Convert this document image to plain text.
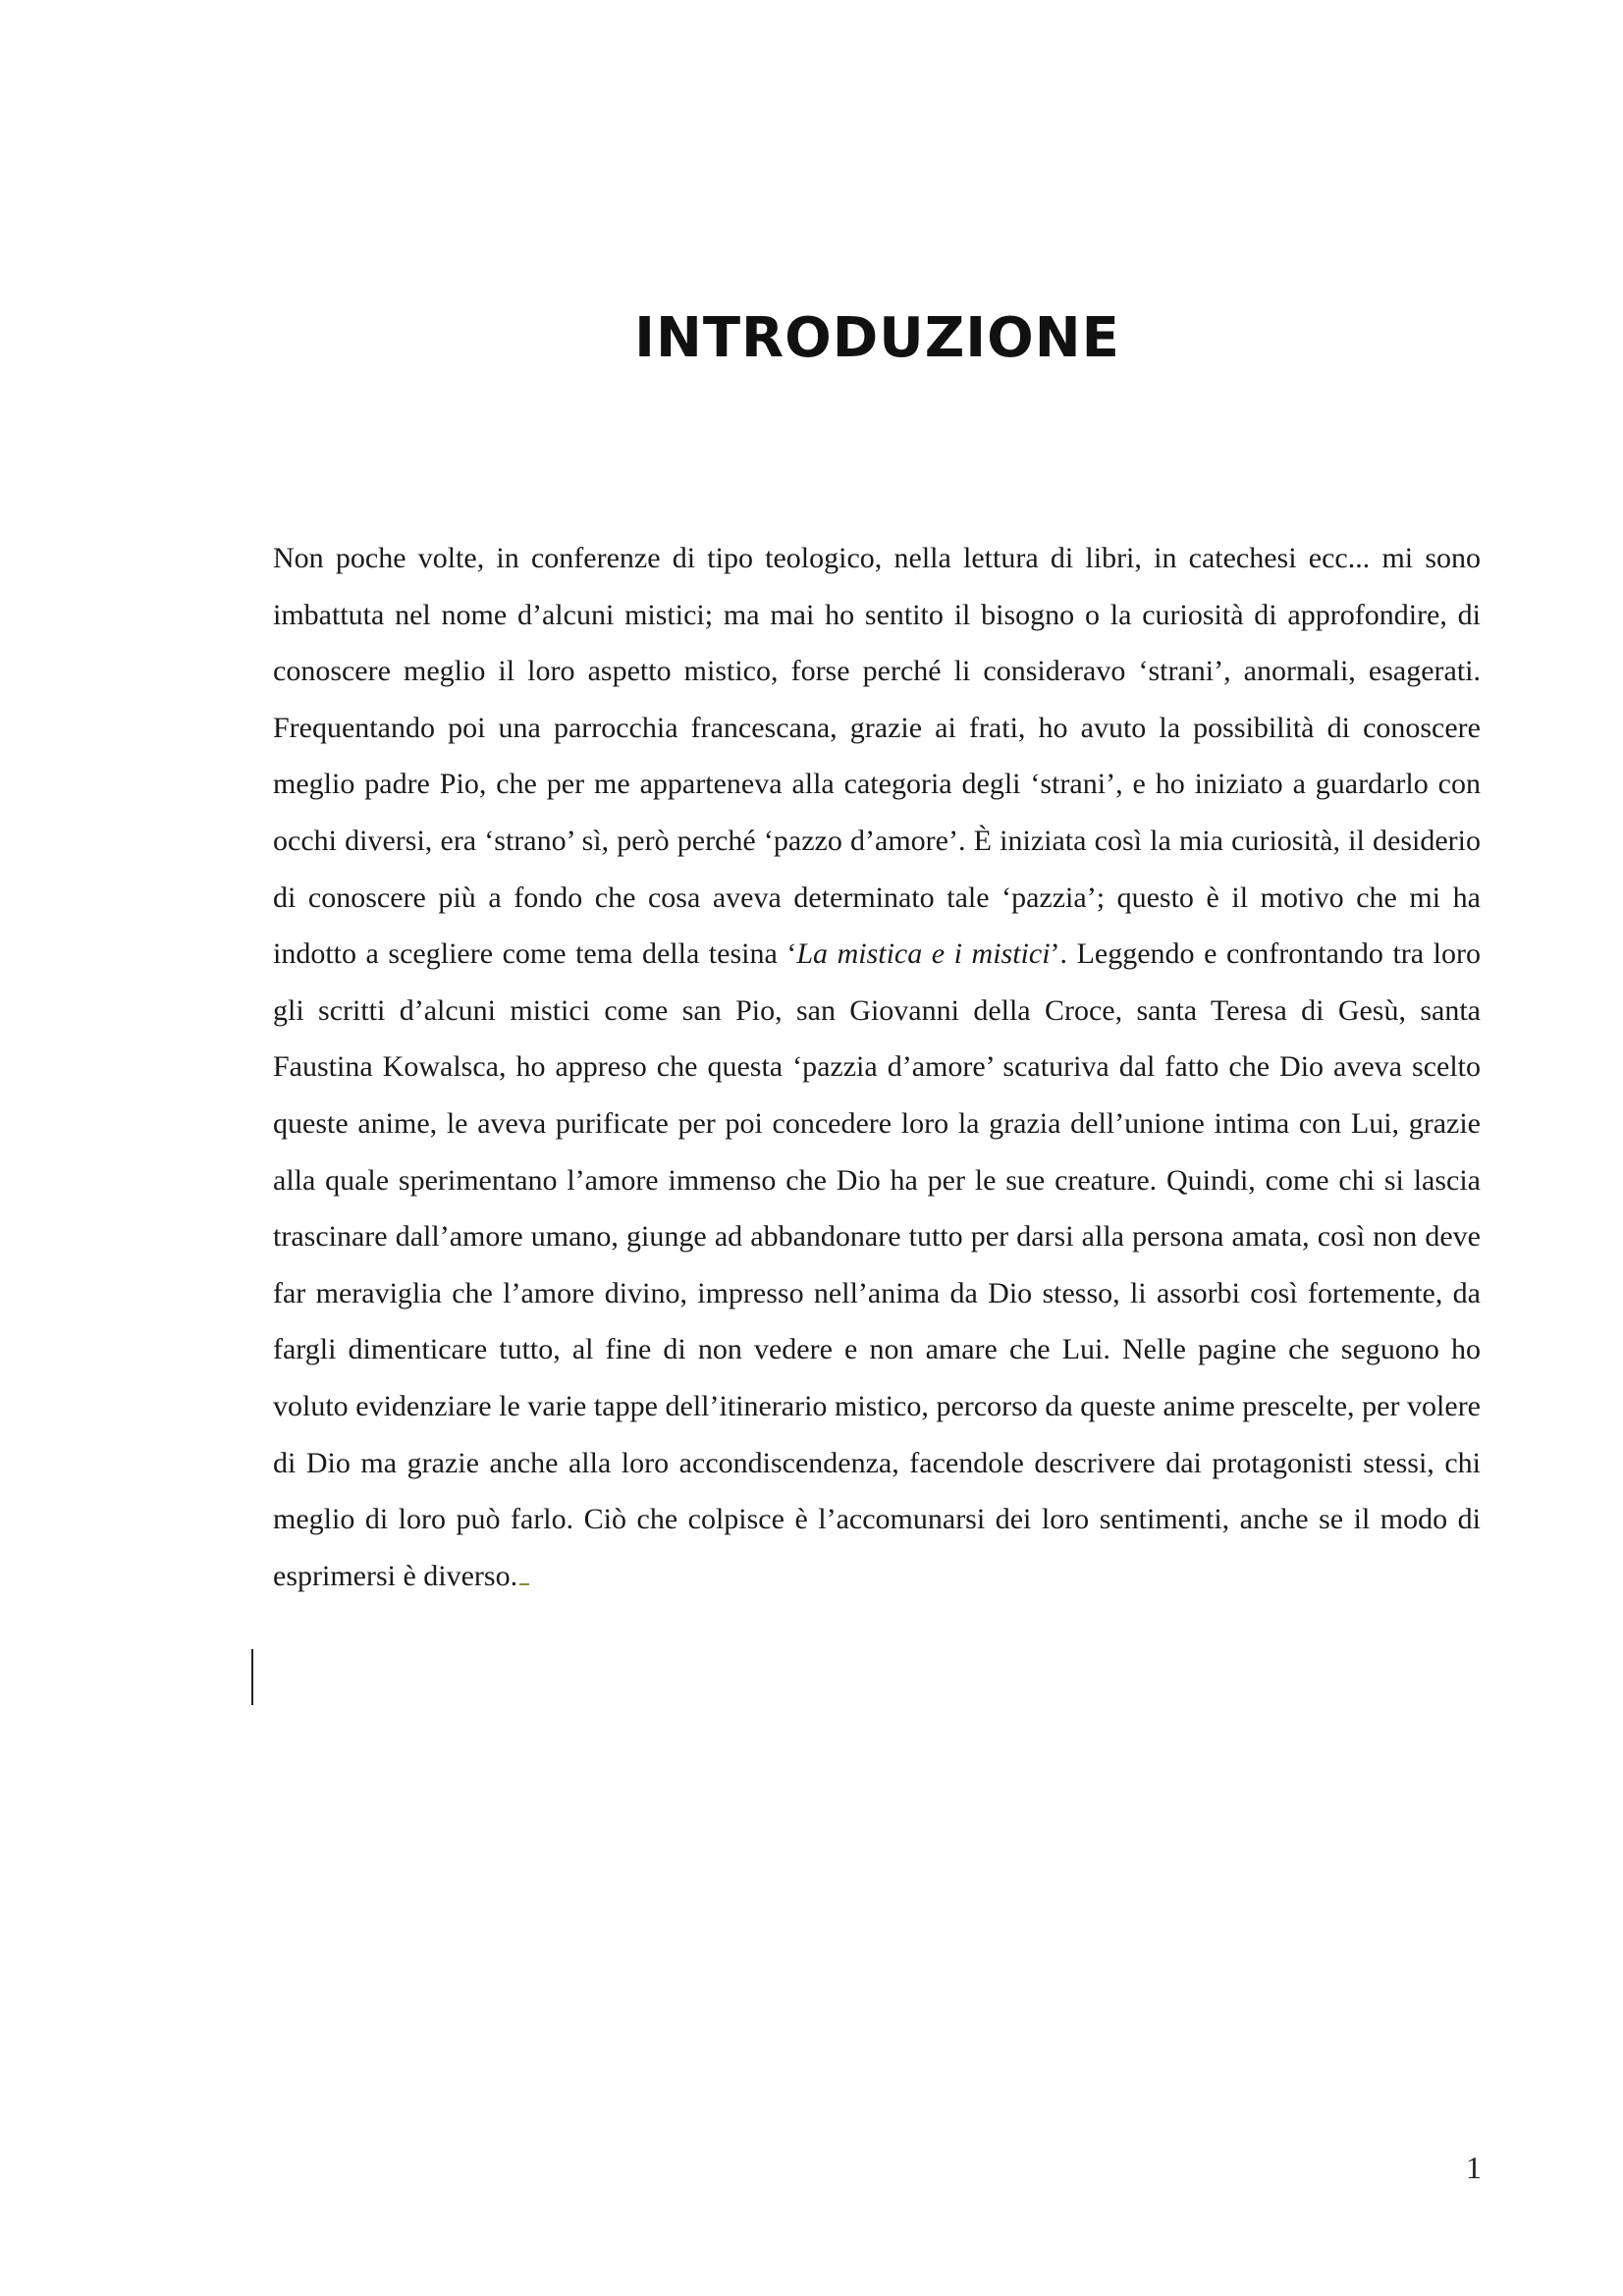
INTRODUZIONE

Non poche volte, in conferenze di tipo teologico, nella lettura di libri, in catechesi ecc... mi sono imbattuta nel nome d’alcuni mistici; ma mai ho sentito il bisogno o la curiosità di approfondire, di conoscere meglio il loro aspetto mistico, forse perché li consideravo ‘strani’, anormali, esagerati. Frequentando poi una parrocchia francescana, grazie ai frati, ho avuto la possibilità di conoscere meglio padre Pio, che per me apparteneva alla categoria degli ‘strani’, e ho iniziato a guardarlo con occhi diversi, era ‘strano’ sì, però perché ‘pazzo d’amore’. È iniziata così la mia curiosità, il desiderio di conoscere più a fondo che cosa aveva determinato tale ‘pazzia’; questo è il motivo che mi ha indotto a scegliere come tema della tesina ‘La mistica e i mistici’. Leggendo e confrontando tra loro gli scritti d’alcuni mistici come san Pio, san Giovanni della Croce, santa Teresa di Gesù, santa Faustina Kowalsca, ho appreso che questa ‘pazzia d’amore’ scaturiva dal fatto che Dio aveva scelto queste anime, le aveva purificate per poi concedere loro la grazia dell’unione intima con Lui, grazie alla quale sperimentano l’amore immenso che Dio ha per le sue creature. Quindi, come chi si lascia trascinare dall’amore umano, giunge ad abbandonare tutto per darsi alla persona amata, così non deve far meraviglia che l’amore divino, impresso nell’anima da Dio stesso, li assorbi così fortemente, da fargli dimenticare tutto, al fine di non vedere e non amare che Lui. Nelle pagine che seguono ho voluto evidenziare le varie tappe dell’itinerario mistico, percorso da queste anime prescelte, per volere di Dio ma grazie anche alla loro accondiscendenza, facendole descrivere dai protagonisti stessi, chi meglio di loro può farlo. Ciò che colpisce è l’accomunarsi dei loro sentimenti, anche se il modo di esprimersi è diverso.

1
